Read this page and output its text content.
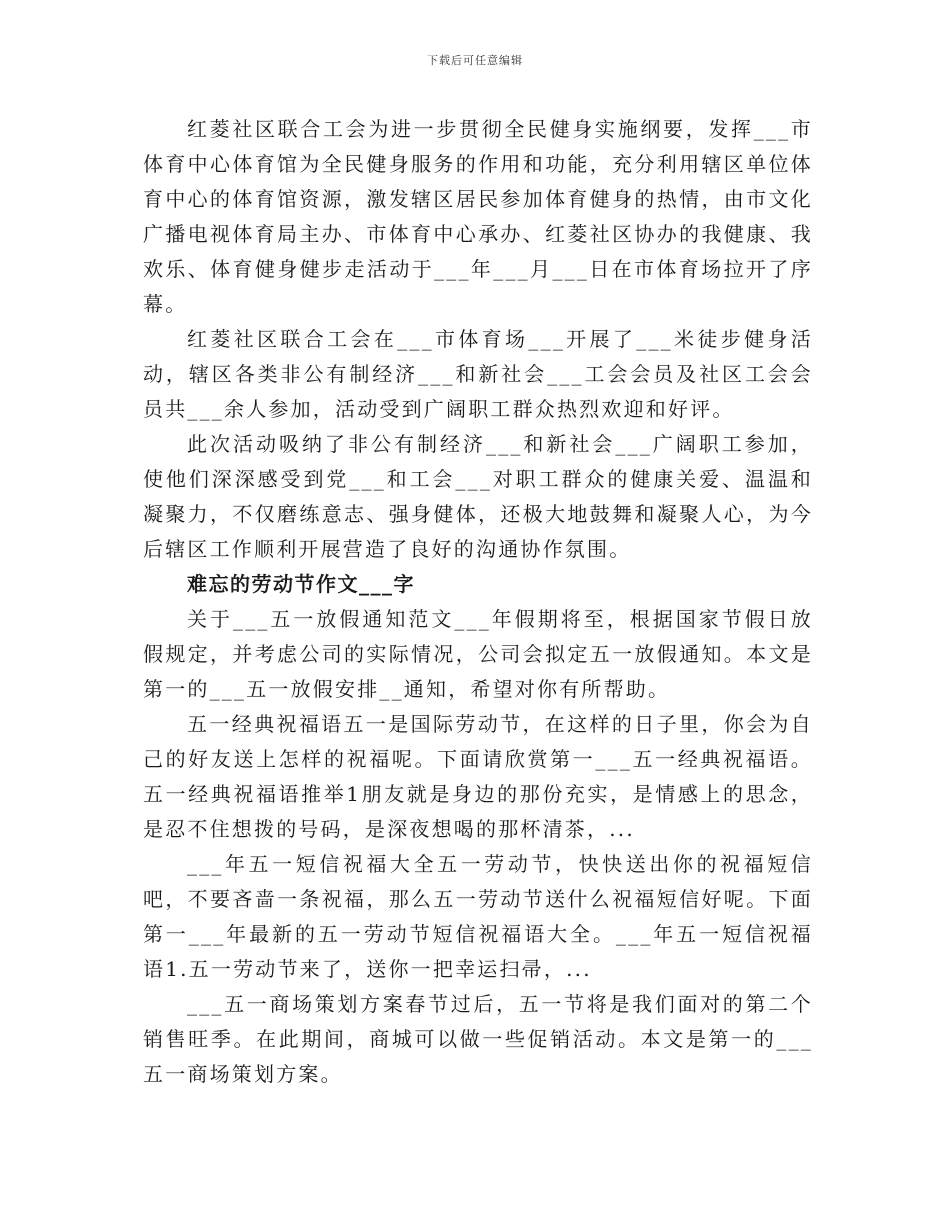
下载后可任意编辑

红菱社区联合工会为进一步贯彻全民健身实施纲要，发挥___市体育中心体育馆为全民健身服务的作用和功能，充分利用辖区单位体育中心的体育馆资源，激发辖区居民参加体育健身的热情，由市文化广播电视体育局主办、市体育中心承办、红菱社区协办的我健康、我欢乐、体育健身健步走活动于___年___月___日在市体育场拉开了序幕。

红菱社区联合工会在___市体育场___开展了___米徒步健身活动，辖区各类非公有制经济___和新社会___工会会员及社区工会会员共___余人参加，活动受到广阔职工群众热烈欢迎和好评。

此次活动吸纳了非公有制经济___和新社会___广阔职工参加，使他们深深感受到党___和工会___对职工群众的健康关爱、温温和凝聚力，不仅磨练意志、强身健体，还极大地鼓舞和凝聚人心，为今后辖区工作顺利开展营造了良好的沟通协作氛围。

难忘的劳动节作文___字

关于___五一放假通知范文___年假期将至，根据国家节假日放假规定，并考虑公司的实际情况，公司会拟定五一放假通知。本文是第一的___五一放假安排__通知，希望对你有所帮助。

五一经典祝福语五一是国际劳动节，在这样的日子里，你会为自己的好友送上怎样的祝福呢。下面请欣赏第一___五一经典祝福语。五一经典祝福语推举1朋友就是身边的那份充实，是情感上的思念，是忍不住想拨的号码，是深夜想喝的那杯清茶，...

___年五一短信祝福大全五一劳动节，快快送出你的祝福短信吧，不要吝啬一条祝福，那么五一劳动节送什么祝福短信好呢。下面第一___年最新的五一劳动节短信祝福语大全。___年五一短信祝福语1.五一劳动节来了，送你一把幸运扫帚，...

___五一商场策划方案春节过后，五一节将是我们面对的第二个销售旺季。在此期间，商城可以做一些促销活动。本文是第一的___五一商场策划方案。
